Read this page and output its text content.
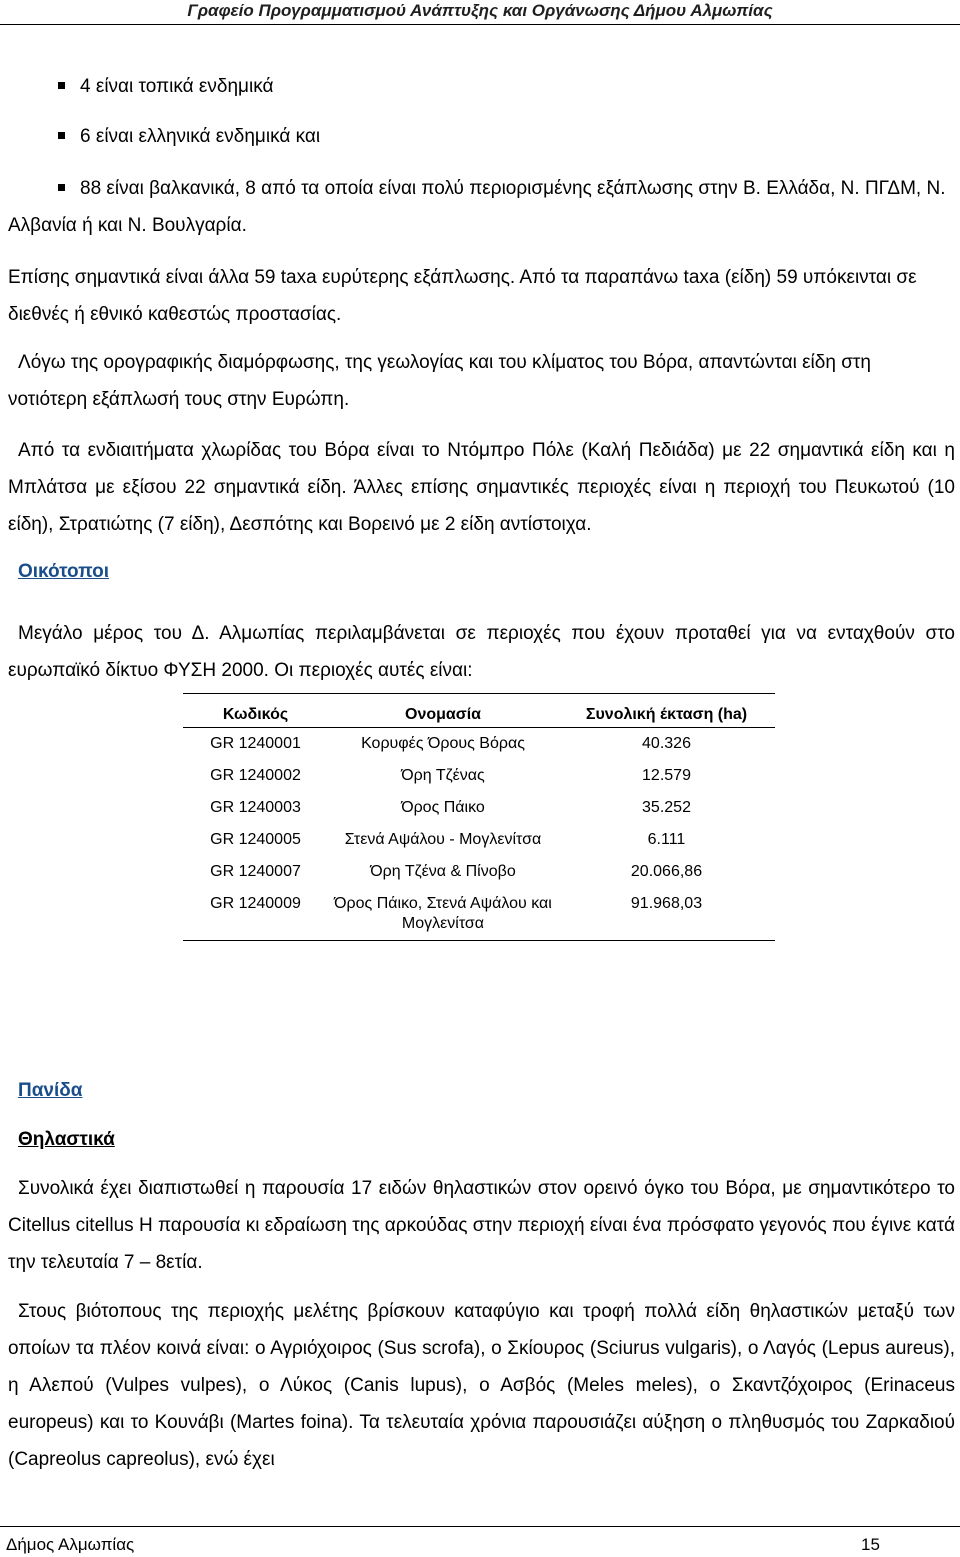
Γραφείο Προγραμματισμού Ανάπτυξης και Οργάνωσης Δήμου Αλμωπίας
4 είναι τοπικά ενδημικά
6 είναι ελληνικά ενδημικά και
88 είναι βαλκανικά, 8 από τα οποία είναι πολύ περιορισμένης εξάπλωσης στην Β. Ελλάδα, Ν. ΠΓΔΜ, Ν. Αλβανία ή και Ν. Βουλγαρία.

Επίσης σημαντικά είναι άλλα 59 taxa ευρύτερης εξάπλωσης. Από τα παραπάνω taxa (είδη) 59 υπόκεινται σε διεθνές ή εθνικό καθεστώς προστασίας.

Λόγω της ορογραφικής διαμόρφωσης, της γεωλογίας και του κλίματος του Βόρα, απαντώνται είδη στη νοτιότερη εξάπλωσή τους στην Ευρώπη.

Από τα ενδιαιτήματα χλωρίδας του Βόρα είναι το Ντόμπρο Πόλε (Καλή Πεδιάδα) με 22 σημαντικά είδη και η Μπλάτσα με εξίσου 22 σημαντικά είδη. Άλλες επίσης σημαντικές περιοχές είναι η περιοχή του Πευκωτού (10 είδη), Στρατιώτης (7 είδη), Δεσπότης και Βορεινό με 2 είδη αντίστοιχα.

Οικότοποι

Μεγάλο μέρος του Δ. Αλμωπίας περιλαμβάνεται σε περιοχές που έχουν προταθεί για να ενταχθούν στο ευρωπαϊκό δίκτυο ΦΥΣΗ 2000. Οι περιοχές αυτές είναι:

Κωδικός	Ονομασία	Συνολική έκταση (ha)
GR 1240001	Κορυφές Όρους Βόρας	40.326
GR 1240002	Όρη Τζένας	12.579
GR 1240003	Όρος Πάικο	35.252
GR 1240005	Στενά Αψάλου - Μογλενίτσα	6.111
GR 1240007	Όρη Τζένα & Πίνοβο	20.066,86
GR 1240009	Όρος Πάικο, Στενά Αψάλου και Μογλενίτσα	91.968,03
Πανίδα
Θηλαστικά

Συνολικά έχει διαπιστωθεί η παρουσία 17 ειδών θηλαστικών στον ορεινό όγκο του Βόρα, με σημαντικότερο το Citellus citellus Η παρουσία κι εδραίωση της αρκούδας στην περιοχή είναι ένα πρόσφατο γεγονός που έγινε κατά την τελευταία 7 – 8ετία.

Στους βιότοπους της περιοχής μελέτης βρίσκουν καταφύγιο και τροφή πολλά είδη θηλαστικών μεταξύ των οποίων τα πλέον κοινά είναι: ο Αγριόχοιρος (Sus scrofa), ο Σκίουρος (Sciurus vulgaris), ο Λαγός (Lepus aureus), η Αλεπού (Vulpes vulpes), ο Λύκος (Canis lupus), ο Ασβός (Meles meles), ο Σκαντζόχοιρος (Erinaceus europeus) και το Κουνάβι (Martes foina). Τα τελευταία χρόνια παρουσιάζει αύξηση ο πληθυσμός του Ζαρκαδιού (Capreolus capreolus), ενώ έχει

Δήμος Αλμωπίας	15
